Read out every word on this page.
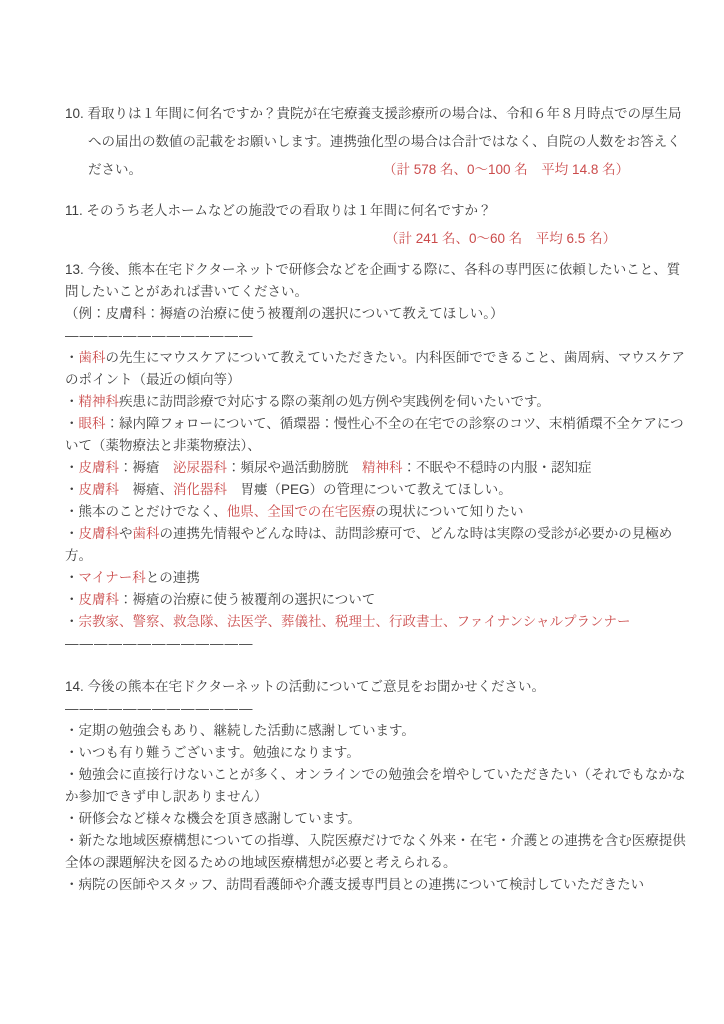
10. 看取りは１年間に何名ですか？貴院が在宅療養支援診療所の場合は、令和６年８月時点での厚生局
への届出の数値の記載をお願いします。連携強化型の場合は合計ではなく、自院の人数をお答えく
ださい。	（計 578 名、0〜100 名　平均 14.8 名）
11. そのうち老人ホームなどの施設での看取りは１年間に何名ですか？
（計 241 名、0〜60 名　平均 6.5 名）
13. 今後、熊本在宅ドクターネットで研修会などを企画する際に、各科の専門医に依頼したいこと、質
問したいことがあれば書いてください。
（例：皮膚科：褥瘡の治療に使う被覆剤の選択について教えてほしい。）
―――――――――――――
・歯科の先生にマウスケアについて教えていただきたい。内科医師でできること、歯周病、マウスケア
のポイント（最近の傾向等）
・精神科疾患に訪問診療で対応する際の薬剤の処方例や実践例を伺いたいです。
・眼科：緑内障フォローについて、循環器：慢性心不全の在宅での診察のコツ、末梢循環不全ケアにつ
いて（薬物療法と非薬物療法）、
・皮膚科：褥瘡　泌尿器科：頻尿や過活動膀胱　精神科：不眠や不穏時の内服・認知症
・皮膚科　褥瘡、消化器科　胃瘻（PEG）の管理について教えてほしい。
・熊本のことだけでなく、他県、全国での在宅医療の現状について知りたい
・皮膚科や歯科の連携先情報やどんな時は、訪問診療可で、どんな時は実際の受診が必要かの見極め
方。
・マイナー科との連携
・皮膚科：褥瘡の治療に使う被覆剤の選択について
・宗教家、警察、救急隊、法医学、葬儀社、税理士、行政書士、ファイナンシャルプランナー
―――――――――――――
14. 今後の熊本在宅ドクターネットの活動についてご意見をお聞かせください。
―――――――――――――
・定期の勉強会もあり、継続した活動に感謝しています。
・いつも有り難うございます。勉強になります。
・勉強会に直接行けないことが多く、オンラインでの勉強会を増やしていただきたい（それでもなかな
か参加できず申し訳ありません）
・研修会など様々な機会を頂き感謝しています。
・新たな地域医療構想についての指導、入院医療だけでなく外来・在宅・介護との連携を含む医療提供
全体の課題解決を図るための地域医療構想が必要と考えられる。
・病院の医師やスタッフ、訪問看護師や介護支援専門員との連携について検討していただきたい
